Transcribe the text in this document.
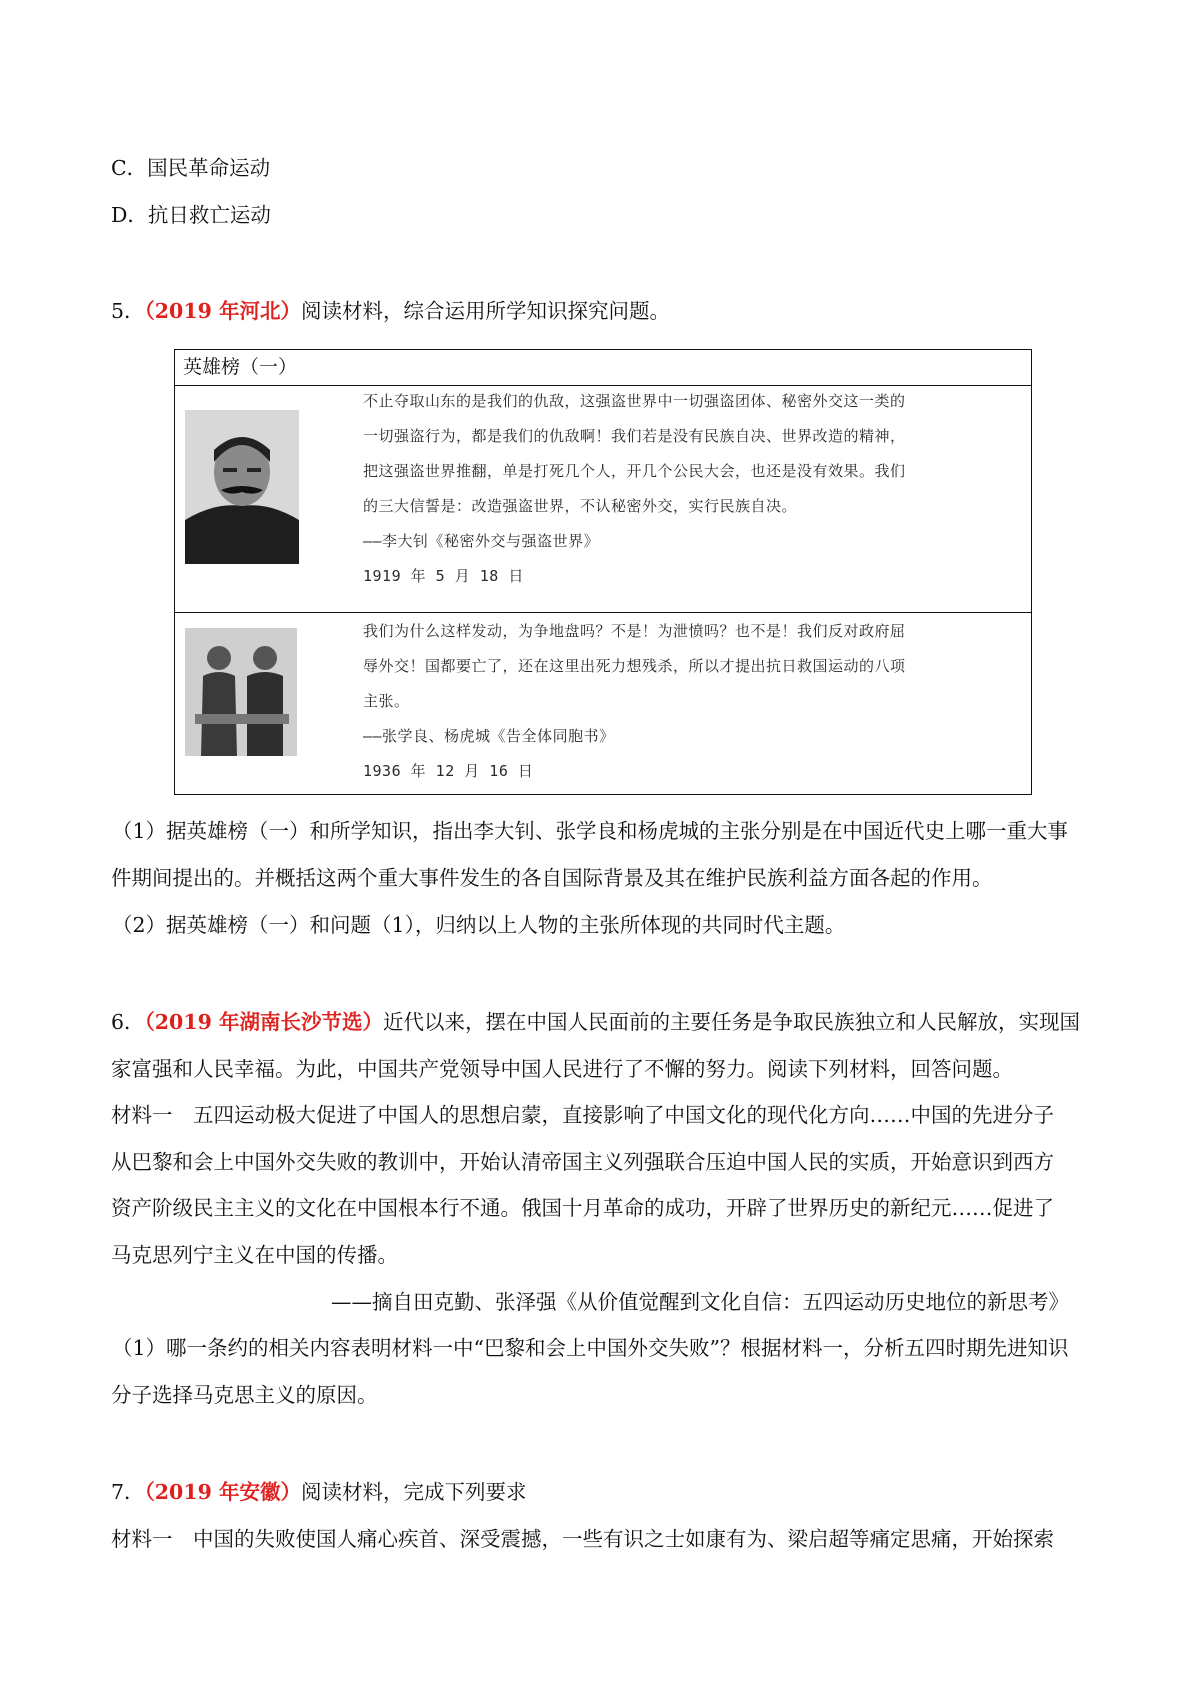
C．国民革命运动
D．抗日救亡运动
5．（2019 年河北）阅读材料，综合运用所学知识探究问题。
英雄榜（一）
不止夺取山东的是我们的仇敌，这强盗世界中一切强盗团体、秘密外交这一类的
一切强盗行为，都是我们的仇敌啊！我们若是没有民族自决、世界改造的精神，
把这强盗世界推翻，单是打死几个人，开几个公民大会，也还是没有效果。我们
的三大信誓是：改造强盗世界，不认秘密外交，实行民族自决。
——李大钊《秘密外交与强盗世界》
1919 年 5 月 18 日
我们为什么这样发动，为争地盘吗？不是！为泄愤吗？也不是！我们反对政府屈
辱外交！国都要亡了，还在这里出死力想残杀，所以才提出抗日救国运动的八项
主张。
——张学良、杨虎城《告全体同胞书》
1936 年 12 月 16 日
（1）据英雄榜（一）和所学知识，指出李大钊、张学良和杨虎城的主张分别是在中国近代史上哪一重大事
件期间提出的。并概括这两个重大事件发生的各自国际背景及其在维护民族利益方面各起的作用。
（2）据英雄榜（一）和问题（1），归纳以上人物的主张所体现的共同时代主题。
6．（2019 年湖南长沙节选）近代以来，摆在中国人民面前的主要任务是争取民族独立和人民解放，实现国
家富强和人民幸福。为此，中国共产党领导中国人民进行了不懈的努力。阅读下列材料，回答问题。
材料一　五四运动极大促进了中国人的思想启蒙，直接影响了中国文化的现代化方向……中国的先进分子
从巴黎和会上中国外交失败的教训中，开始认清帝国主义列强联合压迫中国人民的实质，开始意识到西方
资产阶级民主主义的文化在中国根本行不通。俄国十月革命的成功，开辟了世界历史的新纪元……促进了
马克思列宁主义在中国的传播。
——摘自田克勤、张泽强《从价值觉醒到文化自信：五四运动历史地位的新思考》
（1）哪一条约的相关内容表明材料一中“巴黎和会上中国外交失败”？根据材料一，分析五四时期先进知识
分子选择马克思主义的原因。
7．（2019 年安徽）阅读材料，完成下列要求
材料一　中国的失败使国人痛心疾首、深受震撼，一些有识之士如康有为、梁启超等痛定思痛，开始探索
